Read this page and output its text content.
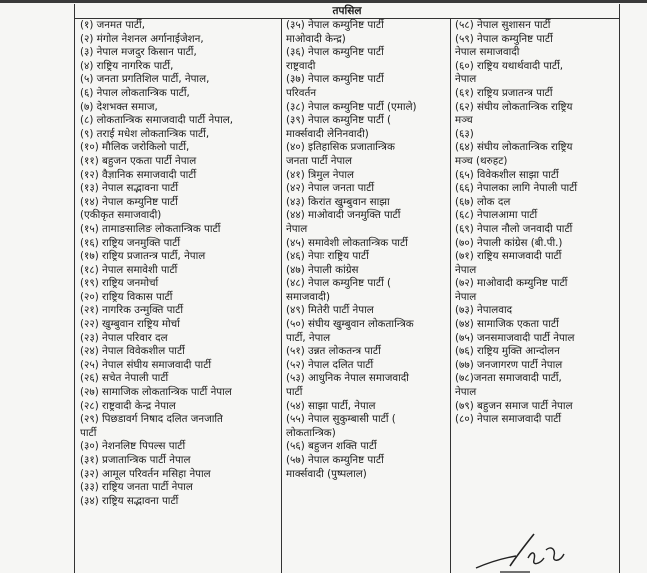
तपसिल
(१) जनमत पार्टी,
(२) मंगोल नेशनल अर्गानाईजेशन,
(३) नेपाल मजदुर किसान पार्टी,
(४) राष्ट्रिय नागरिक पार्टी,
(५) जनता प्रगतिशिल पार्टी, नेपाल,
(६) नेपाल लोकतान्त्रिक पार्टी,
(७) देशभक्त समाज,
(८) लोकतान्त्रिक समाजवादी पार्टी नेपाल,
(९) तराई मधेश लोकतान्त्रिक पार्टी,
(१०) मौलिक जरोकिलो पार्टी,
(११) बहुजन एकता पार्टी नेपाल
(१२) वैज्ञानिक समाजवादी पार्टी
(१३) नेपाल सद्भावना पार्टी
(१४) नेपाल कम्युनिष्ट पार्टी
(एकीकृत समाजवादी)
(१५) तामाङसालिङ लोकतान्त्रिक पार्टी
(१६) राष्ट्रिय जनमुक्ति पार्टी
(१७) राष्ट्रिय प्रजातन्त्र पार्टी, नेपाल
(१८) नेपाल समावेशी पार्टी
(१९) राष्ट्रिय जनमोर्चा
(२०) राष्ट्रिय विकास पार्टी
(२१) नागरिक उन्मुक्ति पार्टी
(२२) खुम्बुवान राष्ट्रिय मोर्चा
(२३) नेपाल परिवार दल
(२४) नेपाल विवेकशील पार्टी
(२५) नेपाल संघीय समाजवादी पार्टी
(२६) सचेत नेपाली पार्टी
(२७) सामाजिक लोकतान्त्रिक पार्टी नेपाल
(२८) राष्ट्रवादी केन्द्र नेपाल
(२९) पिछडावर्ग निषाद दलित जनजाति
पार्टी
(३०) नेशनलिष्ट पिपल्स पार्टी
(३१) प्रजातान्त्रिक पार्टी नेपाल
(३२) आमूल परिवर्तन मसिहा नेपाल
(३३) राष्ट्रिय जनता पार्टी नेपाल
(३४) राष्ट्रिय सद्भावना पार्टी
(३५) नेपाल कम्युनिष्ट पार्टी
माओवादी केन्द्र)
(३६) नेपाल कम्युनिष्ट पार्टी
राष्ट्रवादी
(३७) नेपाल कम्युनिष्ट पार्टी
परिवर्तन
(३८) नेपाल कम्युनिष्ट पार्टी (एमाले)
(३९) नेपाल कम्युनिष्ट पार्टी (
मार्क्सवादी लेनिनवादी)
(४०) इतिहासिक प्रजातान्त्रिक
जनता पार्टी नेपाल
(४१) त्रिमुल नेपाल
(४२) नेपाल जनता पार्टी
(४३) किरांत खुम्बुवान साझा
(४४) माओवादी जनमुक्ति पार्टी
नेपाल
(४५) समावेशी लोकतान्त्रिक पार्टी
(४६) नेपाः राष्ट्रिय पार्टी
(४७) नेपाली कांग्रेस
(४८) नेपाल कम्युनिष्ट पार्टी (
समाजवादी)
(४९) मितेरी पार्टी नेपाल
(५०) संघीय खुम्बुवान लोकतान्त्रिक
पार्टी, नेपाल
(५१) उन्नत लोकतन्त्र पार्टी
(५२) नेपाल दलित पार्टी
(५३) आधुनिक नेपाल समाजवादी
पार्टी
(५४) साझा पार्टी, नेपाल
(५५) नेपाल सुकुम्बासी पार्टी (
लोकतान्त्रिक)
(५६) बहुजन शक्ति पार्टी
(५७) नेपाल कम्युनिष्ट पार्टी
मार्क्सवादी (पुष्पलाल)
(५८) नेपाल सुशासन पार्टी
(५९) नेपाल कम्युनिष्ट पार्टी
नेपाल समाजवादी
(६०) राष्ट्रिय यथार्थवादी पार्टी,
नेपाल
(६१) राष्ट्रिय प्रजातन्त्र पार्टी
(६२) संघीय लोकतान्त्रिक राष्ट्रिय
मञ्च
(६३)
(६४) संघीय लोकतान्त्रिक राष्ट्रिय
मञ्च (थरुहट)
(६५) विवेकशील साझा पार्टी
(६६) नेपालका लागि नेपाली पार्टी
(६७) लोक दल
(६८) नेपालआमा पार्टी
(६९) नेपाल नौलो जनवादी पार्टी
(७०) नेपाली कांग्रेस (बी.पी.)
(७१) राष्ट्रिय समाजवादी पार्टी
नेपाल
(७२) माओवादी कम्युनिष्ट पार्टी
नेपाल
(७३) नेपालवाद
(७४) सामाजिक एकता पार्टी
(७५) जनसमाजवादी पार्टी नेपाल
(७६) राष्ट्रिय मुक्ति आन्दोलन
(७७) जनजागरण पार्टी नेपाल
(७८)जनता समाजवादी पार्टी,
नेपाल
(७९) बहुजन समाज पार्टी नेपाल
(८०) नेपाल समाजवादी पार्टी
